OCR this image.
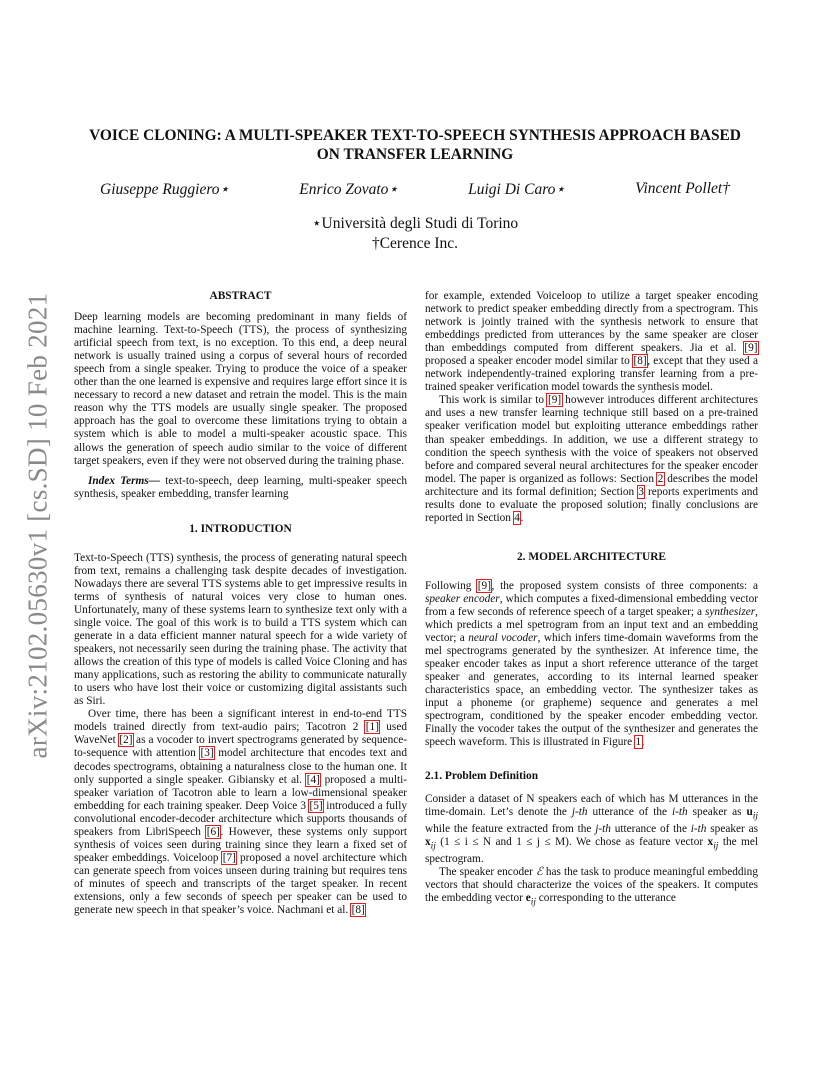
arXiv:2102.05630v1 [cs.SD] 10 Feb 2021
VOICE CLONING: A MULTI-SPEAKER TEXT-TO-SPEECH SYNTHESIS APPROACH BASED ON TRANSFER LEARNING
Giuseppe Ruggiero⋆	Enrico Zovato⋆	Luigi Di Caro⋆	Vincent Pollet†
⋆Università degli Studi di Torino
†Cerence Inc.

ABSTRACT

Deep learning models are becoming predominant in many fields of machine learning. Text-to-Speech (TTS), the process of synthesizing artificial speech from text, is no exception. To this end, a deep neural network is usually trained using a corpus of several hours of recorded speech from a single speaker. Trying to produce the voice of a speaker other than the one learned is expensive and requires large effort since it is necessary to record a new dataset and retrain the model. This is the main reason why the TTS models are usually single speaker. The proposed approach has the goal to overcome these limitations trying to obtain a system which is able to model a multi-speaker acoustic space. This allows the generation of speech audio similar to the voice of different target speakers, even if they were not observed during the training phase.

Index Terms— text-to-speech, deep learning, multi-speaker speech synthesis, speaker embedding, transfer learning

1. INTRODUCTION

Text-to-Speech (TTS) synthesis, the process of generating natural speech from text, remains a challenging task despite decades of investigation. Nowadays there are several TTS systems able to get impressive results in terms of synthesis of natural voices very close to human ones. Unfortunately, many of these systems learn to synthesize text only with a single voice. The goal of this work is to build a TTS system which can generate in a data efficient manner natural speech for a wide variety of speakers, not necessarily seen during the training phase. The activity that allows the creation of this type of models is called Voice Cloning and has many applications, such as restoring the ability to communicate naturally to users who have lost their voice or customizing digital assistants such as Siri.

Over time, there has been a significant interest in end-to-end TTS models trained directly from text-audio pairs; Tacotron 2 [1] used WaveNet [2] as a vocoder to invert spectrograms generated by sequence-to-sequence with attention [3] model architecture that encodes text and decodes spectrograms, obtaining a naturalness close to the human one. It only supported a single speaker. Gibiansky et al. [4] proposed a multi-speaker variation of Tacotron able to learn a low-dimensional speaker embedding for each training speaker. Deep Voice 3 [5] introduced a fully convolutional encoder-decoder architecture which supports thousands of speakers from LibriSpeech [6]. However, these systems only support synthesis of voices seen during training since they learn a fixed set of speaker embeddings. Voiceloop [7] proposed a novel architecture which can generate speech from voices unseen during training but requires tens of minutes of speech and transcripts of the target speaker. In recent extensions, only a few seconds of speech per speaker can be used to generate new speech in that speaker’s voice. Nachmani et al. [8]

for example, extended Voiceloop to utilize a target speaker encoding network to predict speaker embedding directly from a spectrogram. This network is jointly trained with the synthesis network to ensure that embeddings predicted from utterances by the same speaker are closer than embeddings computed from different speakers. Jia et al. [9] proposed a speaker encoder model similar to [8], except that they used a network independently-trained exploring transfer learning from a pre-trained speaker verification model towards the synthesis model.

This work is similar to [9] however introduces different architectures and uses a new transfer learning technique still based on a pre-trained speaker verification model but exploiting utterance embeddings rather than speaker embeddings. In addition, we use a different strategy to condition the speech synthesis with the voice of speakers not observed before and compared several neural architectures for the speaker encoder model. The paper is organized as follows: Section 2 describes the model architecture and its formal definition; Section 3 reports experiments and results done to evaluate the proposed solution; finally conclusions are reported in Section 4.

2. MODEL ARCHITECTURE

Following [9], the proposed system consists of three components: a speaker encoder, which computes a fixed-dimensional embedding vector from a few seconds of reference speech of a target speaker; a synthesizer, which predicts a mel spetrogram from an input text and an embedding vector; a neural vocoder, which infers time-domain waveforms from the mel spectrograms generated by the synthesizer. At inference time, the speaker encoder takes as input a short reference utterance of the target speaker and generates, according to its internal learned speaker characteristics space, an embedding vector. The synthesizer takes as input a phoneme (or grapheme) sequence and generates a mel spectrogram, conditioned by the speaker encoder embedding vector. Finally the vocoder takes the output of the synthesizer and generates the speech waveform. This is illustrated in Figure 1.

2.1. Problem Definition

Consider a dataset of N speakers each of which has M utterances in the time-domain. Let’s denote the j-th utterance of the i-th speaker as $u_{ij}$ while the feature extracted from the j-th utterance of the i-th speaker as $x_{ij}$ (1 ≤ i ≤ N and 1 ≤ j ≤ M). We chose as feature vector $x_{ij}$ the mel spectrogram.

The speaker encoder ℰ has the task to produce meaningful embedding vectors that should characterize the voices of the speakers. It computes the embedding vector $e_{ij}$ corresponding to the utterance
